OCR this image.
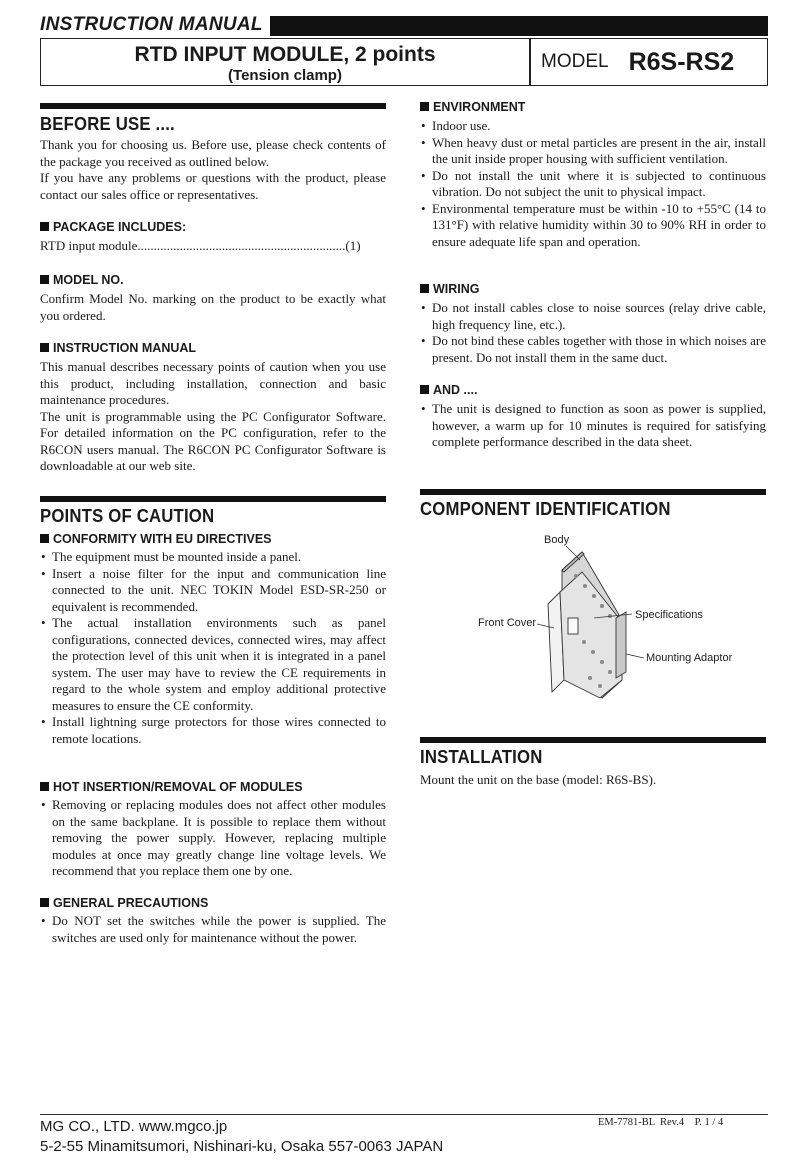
INSTRUCTION MANUAL
RTD INPUT MODULE, 2 points
(Tension clamp)
MODEL R6S-RS2
BEFORE USE ....

Thank you for choosing us. Before use, please check contents of the package you received as outlined below.

If you have any problems or questions with the product, please contact our sales office or representatives.

PACKAGE INCLUDES:
RTD input module................................................................(1)
MODEL NO.
Confirm Model No. marking on the product to be exactly what you ordered.
INSTRUCTION MANUAL

This manual describes necessary points of caution when you use this product, including installation, connection and basic maintenance procedures.

The unit is programmable using the PC Configurator Software. For detailed information on the PC configuration, refer to the R6CON users manual. The R6CON PC Configurator Software is downloadable at our web site.

POINTS OF CAUTION
CONFORMITY WITH EU DIRECTIVES
• The equipment must be mounted inside a panel.
• Insert a noise filter for the input and communication line connected to the unit. NEC TOKIN Model ESD-SR-250 or equivalent is recommended.
• The actual installation environments such as panel configurations, connected devices, connected wires, may affect the protection level of this unit when it is integrated in a panel system. The user may have to review the CE requirements in regard to the whole system and employ additional protective measures to ensure the CE conformity.
• Install lightning surge protectors for those wires connected to remote locations.
HOT INSERTION/REMOVAL OF MODULES
• Removing or replacing modules does not affect other modules on the same backplane. It is possible to replace them without removing the power supply. However, replacing multiple modules at once may greatly change line voltage levels. We recommend that you replace them one by one.
GENERAL PRECAUTIONS
• Do NOT set the switches while the power is supplied. The switches are used only for maintenance without the power.
ENVIRONMENT
• Indoor use.
• When heavy dust or metal particles are present in the air, install the unit inside proper housing with sufficient ventilation.
• Do not install the unit where it is subjected to continuous vibration. Do not subject the unit to physical impact.
• Environmental temperature must be within -10 to +55°C (14 to 131°F) with relative humidity within 30 to 90% RH in order to ensure adequate life span and operation.
WIRING
• Do not install cables close to noise sources (relay drive cable, high frequency line, etc.).
• Do not bind these cables together with those in which noises are present. Do not install them in the same duct.
AND ....
• The unit is designed to function as soon as power is supplied, however, a warm up for 10 minutes is required for satisfying complete performance described in the data sheet.
COMPONENT IDENTIFICATION
INSTALLATION
Mount the unit on the base (model: R6S-BS).
Body
Front Cover
Specifications
Mounting Adaptor
MG CO., LTD. www.mgco.jp
5-2-55 Minamitsumori, Nishinari-ku, Osaka 557-0063 JAPAN
EM-7781-BL  Rev.4    P. 1 / 4
